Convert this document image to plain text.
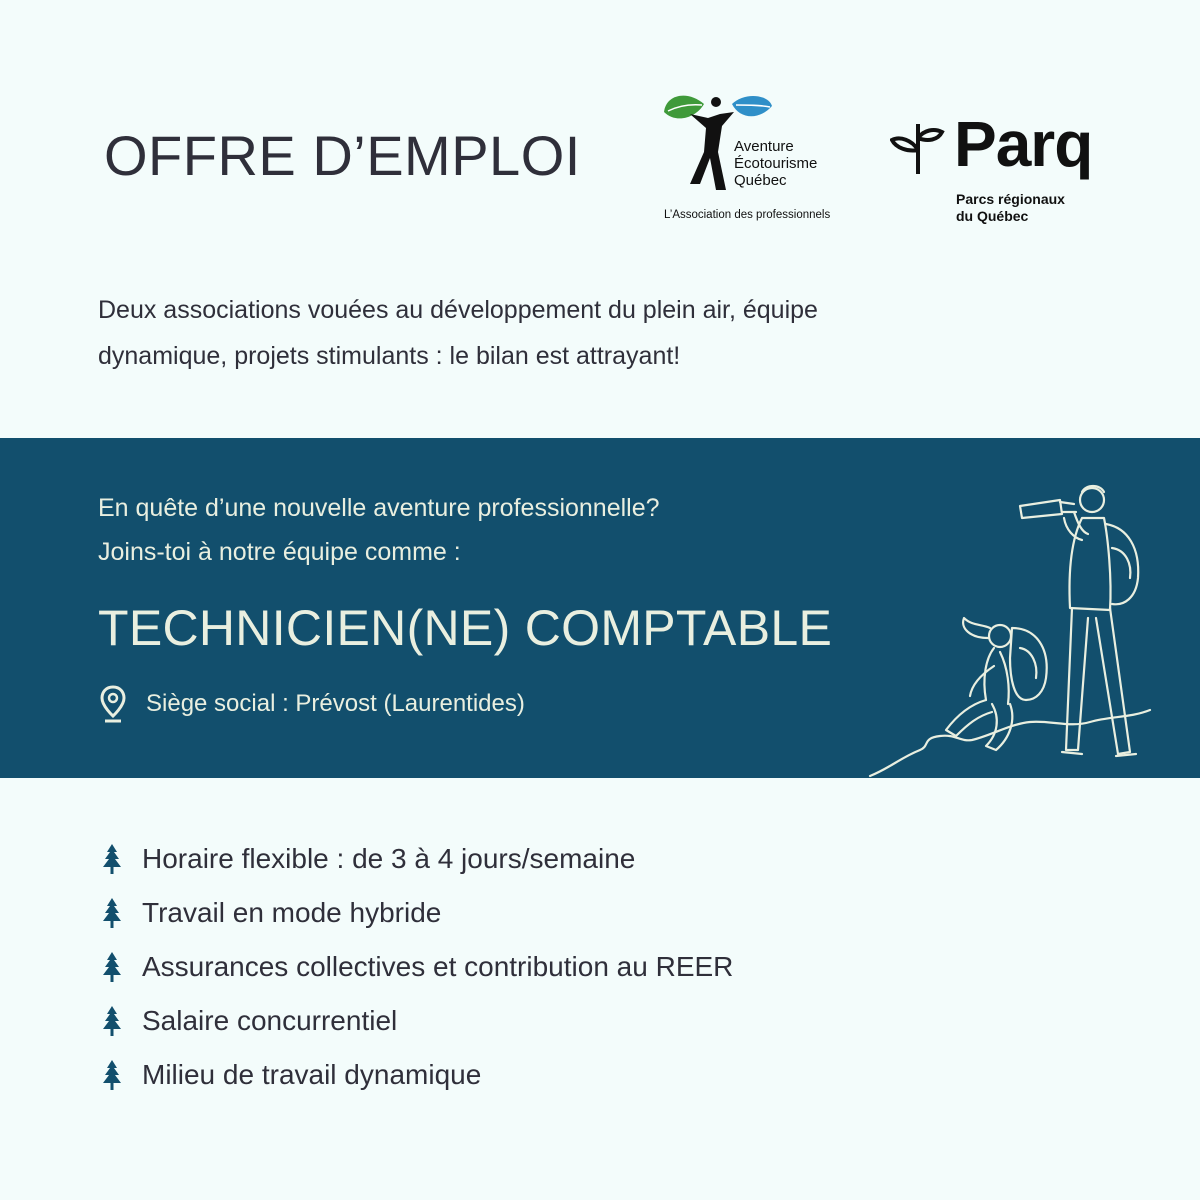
OFFRE D’EMPLOI	Aventure
Écotourisme
Québec
L’Association des professionnels
Parq
Parcs régionaux
du Québec
Deux associations vouées au développement du plein air, équipe
dynamique, projets stimulants : le bilan est attrayant!
En quête d’une nouvelle aventure professionnelle?
Joins-toi à notre équipe comme :
TECHNICIEN(NE) COMPTABLE
Siège social : Prévost (Laurentides)
Horaire flexible : de 3 à 4 jours/semaine
Travail en mode hybride
Assurances collectives et contribution au REER
Salaire concurrentiel
Milieu de travail dynamique
